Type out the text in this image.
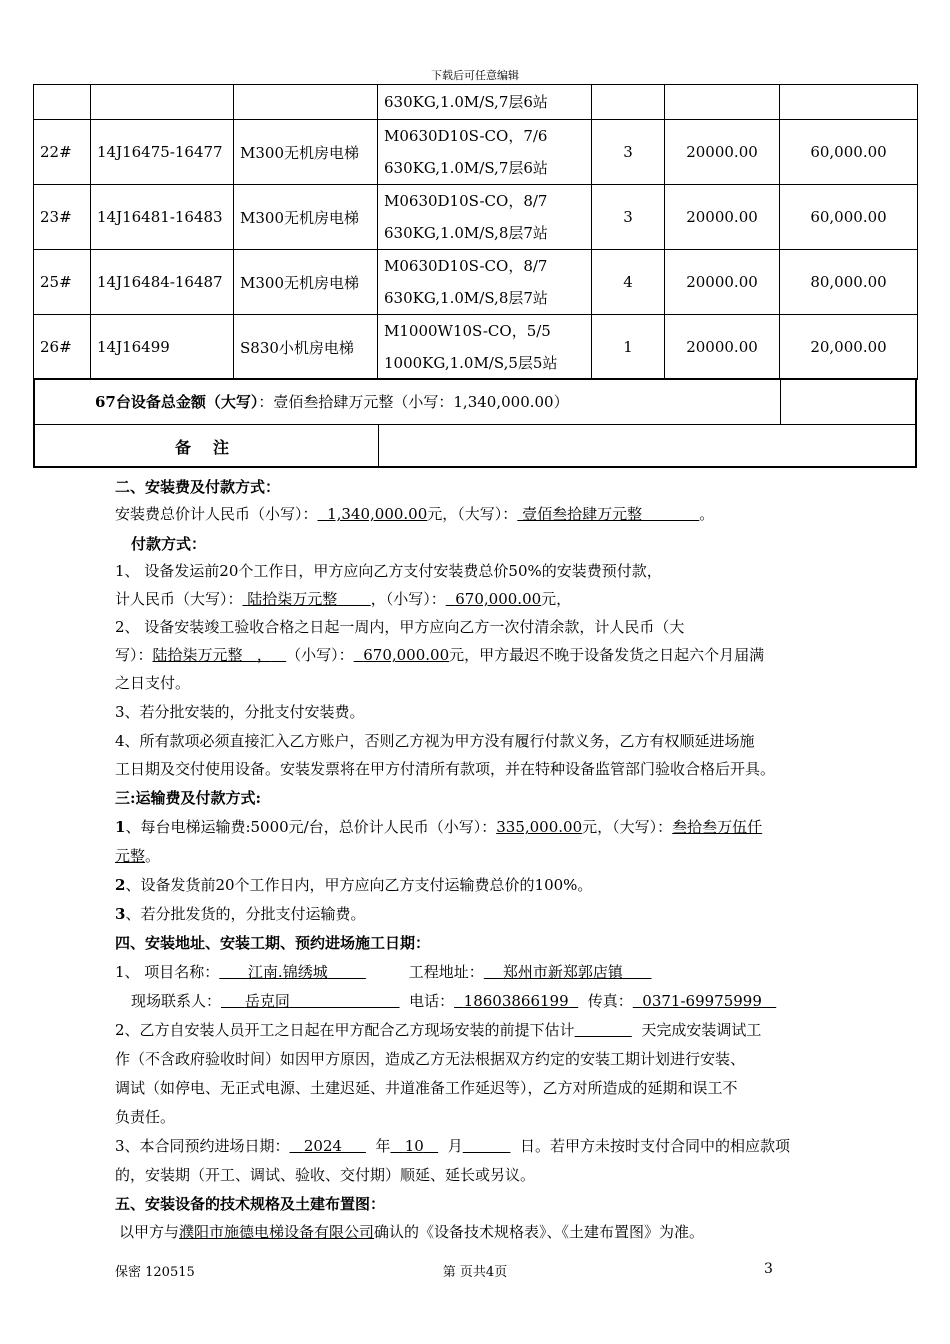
下载后可任意编辑
			630KG,1.0M/S,7层6站			
22#	14J16475-16477	M300无机房电梯	M0630D10S-CO，7/6
630KG,1.0M/S,7层6站	3	20000.00	60,000.00
23#	14J16481-16483	M300无机房电梯	M0630D10S-CO，8/7
630KG,1.0M/S,8层7站	3	20000.00	60,000.00
25#	14J16484-16487	M300无机房电梯	M0630D10S-CO，8/7
630KG,1.0M/S,8层7站	4	20000.00	80,000.00
26#	14J16499	S830小机房电梯	M1000W10S-CO，5/5
1000KG,1.0M/S,5层5站	1	20000.00	20,000.00
67台设备总金额（大写）：壹佰叁拾肆万元整（小写：1,340,000.00）
备注
二、安装费及付款方式：
安装费总价计人民币（小写）： 1,340,000.00元，（大写）： 壹佰叁拾肆万元整	。
付款方式：
1、 设备发运前20个工作日，甲方应向乙方支付安装费总价50%的安装费预付款，
计人民币（大写）： 陆拾柒万元整 ，（小写）： 670,000.00元，
2、 设备安装竣工验收合格之日起一周内，甲方应向乙方一次付清余款，计人民币（大
写）：陆拾柒万元整 ， （小写）： 670,000.00元，甲方最迟不晚于设备发货之日起六个月届满
之日支付。
3、若分批安装的，分批支付安装费。
4、所有款项必须直接汇入乙方账户，否则乙方视为甲方没有履行付款义务，乙方有权顺延进场施
工日期及交付使用设备。安装发票将在甲方付清所有款项，并在特种设备监管部门验收合格后开具。
三:运输费及付款方式:
1、每台电梯运输费:5000元/台，总价计人民币（小写）：335,000.00元，（大写）：叁拾叁万伍仟
元整。
2、设备发货前20个工作日内，甲方应向乙方支付运输费总价的100%。
3、若分批发货的，分批支付运输费。
四、安装地址、安装工期、预约进场施工日期：
1、 项目名称： 江南.锦绣城	工程地址： 郑州市新郑郭店镇
现场联系人： 岳克同	电话： 18603866199 传真： 0371-69975999
2、乙方自安装人员开工之日起在甲方配合乙方现场安装的前提下估计	天完成安装调试工
作（不含政府验收时间）如因甲方原因，造成乙方无法根据双方约定的安装工期计划进行安装、
调试（如停电、无正式电源、土建迟延、井道准备工作延迟等），乙方对所造成的延期和误工不
负责任。
3、本合同预约进场日期： 2024 年 10 月	日。若甲方未按时支付合同中的相应款项
的，安装期（开工、调试、验收、交付期）顺延、延长或另议。
五、安装设备的技术规格及土建布置图：
以甲方与濮阳市施德电梯设备有限公司确认的《设备技术规格表》、《土建布置图》为准。
保密 120515	第 页共4页	3
